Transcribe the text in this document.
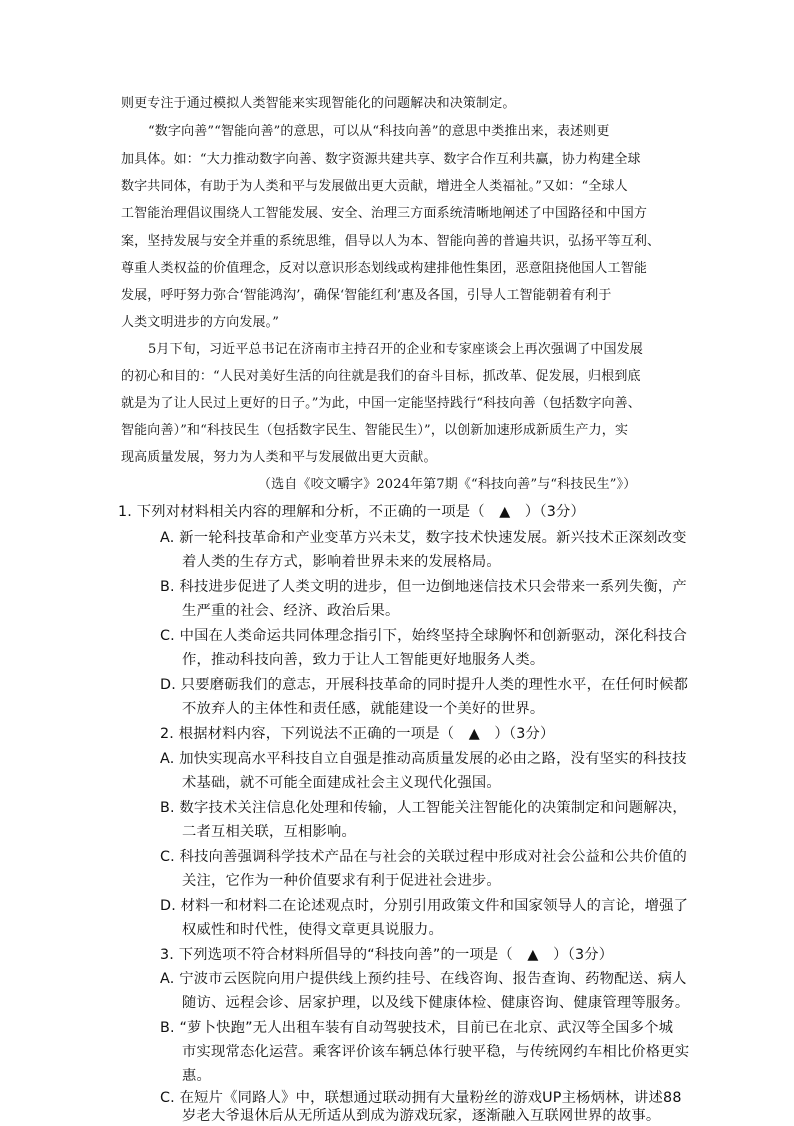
则更专注于通过模拟人类智能来实现智能化的问题解决和决策制定。
“数字向善”“智能向善”的意思，可以从“科技向善”的意思中类推出来，表述则更
加具体。如：“大力推动数字向善、数字资源共建共享、数字合作互利共赢，协力构建全球
数字共同体，有助于为人类和平与发展做出更大贡献，增进全人类福祉。”又如：“全球人
工智能治理倡议围绕人工智能发展、安全、治理三方面系统清晰地阐述了中国路径和中国方
案，坚持发展与安全并重的系统思维，倡导以人为本、智能向善的普遍共识，弘扬平等互利、
尊重人类权益的价值理念，反对以意识形态划线或构建排他性集团，恶意阻挠他国人工智能
发展，呼吁努力弥合‘智能鸿沟’，确保‘智能红利’惠及各国，引导人工智能朝着有利于
人类文明进步的方向发展。”
5月下旬，习近平总书记在济南市主持召开的企业和专家座谈会上再次强调了中国发展
的初心和目的：“人民对美好生活的向往就是我们的奋斗目标，抓改革、促发展，归根到底
就是为了让人民过上更好的日子。”为此，中国一定能坚持践行“科技向善（包括数字向善、
智能向善）”和“科技民生（包括数字民生、智能民生）”，以创新加速形成新质生产力，实
现高质量发展，努力为人类和平与发展做出更大贡献。
（选自《咬文嚼字》2024年第7期《“科技向善”与“科技民生”》）
1. 下列对材料相关内容的理解和分析，不正确的一项是（　▲　）（3分）
A. 新一轮科技革命和产业变革方兴未艾，数字技术快速发展。新兴技术正深刻改变
着人类的生存方式，影响着世界未来的发展格局。
B. 科技进步促进了人类文明的进步，但一边倒地迷信技术只会带来一系列失衡，产
生严重的社会、经济、政治后果。
C. 中国在人类命运共同体理念指引下，始终坚持全球胸怀和创新驱动，深化科技合
作，推动科技向善，致力于让人工智能更好地服务人类。
D. 只要磨砺我们的意志，开展科技革命的同时提升人类的理性水平，在任何时候都
不放弃人的主体性和责任感，就能建设一个美好的世界。
2. 根据材料内容，下列说法不正确的一项是（　▲　）（3分）
A. 加快实现高水平科技自立自强是推动高质量发展的必由之路，没有坚实的科技技
术基础，就不可能全面建成社会主义现代化强国。
B. 数字技术关注信息化处理和传输，人工智能关注智能化的决策制定和问题解决，
二者互相关联，互相影响。
C. 科技向善强调科学技术产品在与社会的关联过程中形成对社会公益和公共价值的
关注，它作为一种价值要求有利于促进社会进步。
D. 材料一和材料二在论述观点时，分别引用政策文件和国家领导人的言论，增强了
权威性和时代性，使得文章更具说服力。
3. 下列选项不符合材料所倡导的“科技向善”的一项是（　▲　）（3分）
A. 宁波市云医院向用户提供线上预约挂号、在线咨询、报告查询、药物配送、病人
随访、远程会诊、居家护理，以及线下健康体检、健康咨询、健康管理等服务。
B. “萝卜快跑”无人出租车装有自动驾驶技术，目前已在北京、武汉等全国多个城
市实现常态化运营。乘客评价该车辆总体行驶平稳，与传统网约车相比价格更实
惠。
C. 在短片《同路人》中，联想通过联动拥有大量粉丝的游戏UP主杨炳林，讲述88
岁老大爷退休后从无所适从到成为游戏玩家，逐渐融入互联网世界的故事。
